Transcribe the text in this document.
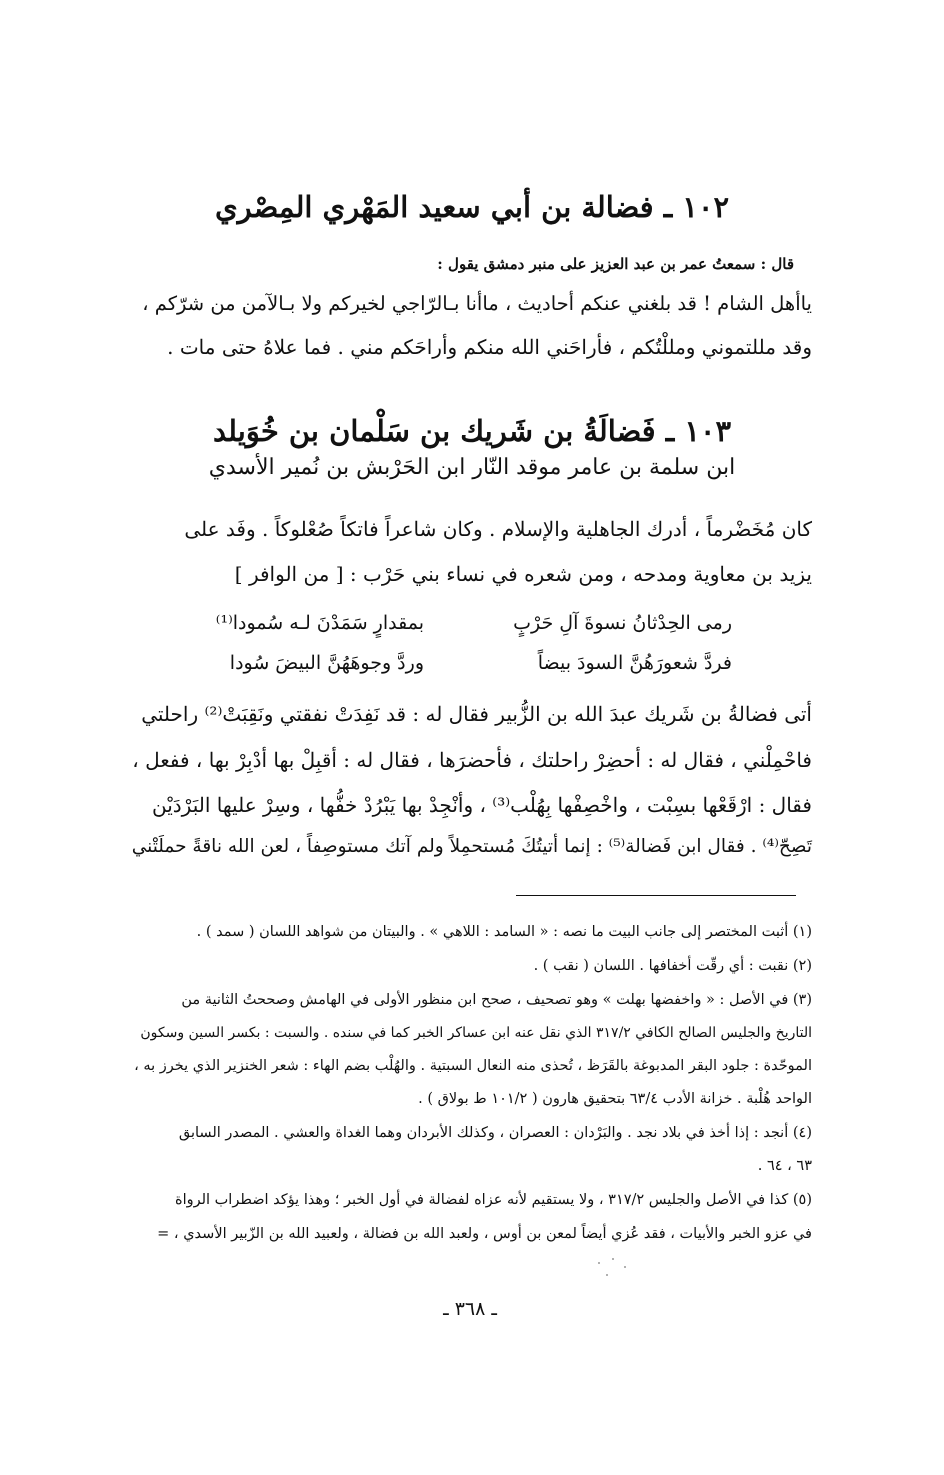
١٠٢ ـ فضالة بن أبي سعيد المَهْري المِصْري
قال : سمعتُ عمر بن عبد العزيز على منبر دمشق يقول :
ياأهل الشام ! قد بلغني عنكم أحاديث ، ماأنا بـالرّاجي لخيركم ولا بـالآمن من شرّكم ،
وقد مللتموني ومللْتُكم ، فأراحَني الله منكم وأراحَكم مني . فما علاهُ حتى مات .
١٠٣ ـ فَضالَةُ بن شَريك بن سَلْمان بن خُوَيلد
ابن سلمة بن عامر موقد النّار ابن الحَرْبش بن نُمير الأسدي
كان مُخَضْرماً ، أدرك الجاهلية والإسلام . وكان شاعراً فاتكاً صُعْلوكاً . وفَد على
يزيد بن معاوية ومدحه ، ومن شعره في نساء بني حَرْب : [ من الوافر ]
رمى الحِدْثانُ نسوةَ آلِ حَرْبٍ
بمقدارٍ سَمَدْنَ لـه سُمودا⁽¹⁾
فردَّ شعورَهُنَّ السودَ بيضاً
وردَّ وجوهَهُنَّ البيضَ سُودا
أتى فضالةُ بن شَريك عبدَ الله بن الزُّبير فقال له : قد نَفِدَتْ نفقتي ونَقِبَتْ⁽²⁾ راحلتي
فاحْمِلْني ، فقال له : أحضِرْ راحلتك ، فأحضرَها ، فقال له : أقبِلْ بها أدْبِرْ بها ، ففعل ،
فقال : ارْقَعْها بسِبْت ، واخْصِفْها بِهُلْب⁽³⁾ ، وأنْجِدْ بها يَبْرُدْ خفُّها ، وسِرْ عليها البَرْدَيْن
تَصِحّ⁽⁴⁾ . فقال ابن فَضالة⁽⁵⁾ : إنما أتيتُكَ مُستحمِلاً ولم آتك مستوصِفاً ، لعن الله ناقةً حملَتْني
(١) أثبت المختصر إلى جانب البيت ما نصه : « السامد : اللاهي » . والبيتان من شواهد اللسان ( سمد ) .
(٢) نقبت : أي رقّت أخفافها . اللسان ( نقب ) .
(٣) في الأصل : « واخفضها بهلت » وهو تصحيف ، صحح ابن منظور الأولى في الهامش وصححتُ الثانية من
التاريخ والجليس الصالح الكافي ٣١٧/٢ الذي نقل عنه ابن عساكر الخبر كما في سنده . والسبت : بكسر السين وسكون
الموحّدة : جلود البقر المدبوغة بالقَرَظ ، تُحذى منه النعال السبتية . والهُلْب بضم الهاء : شعر الخنزير الذي يخرز به ،
الواحد هُلْبة . خزانة الأدب ٦٣/٤ بتحقيق هارون ( ١٠١/٢ ط بولاق ) .
(٤) أنجد : إذا أخذ في بلاد نجد . والبَرْدان : العصران ، وكذلك الأبردان وهما الغداة والعشي . المصدر السابق
٦٣ ، ٦٤ .
(٥) كذا في الأصل والجليس ٣١٧/٢ ، ولا يستقيم لأنه عزاه لفضالة في أول الخبر ؛ وهذا يؤكد اضطراب الرواة
في عزو الخبر والأبيات ، فقد عُزي أيضاً لمعن بن أوس ، ولعبد الله بن فضالة ، ولعبيد الله بن الزّبير الأسدي ، =
ـ ٣٦٨ ـ
